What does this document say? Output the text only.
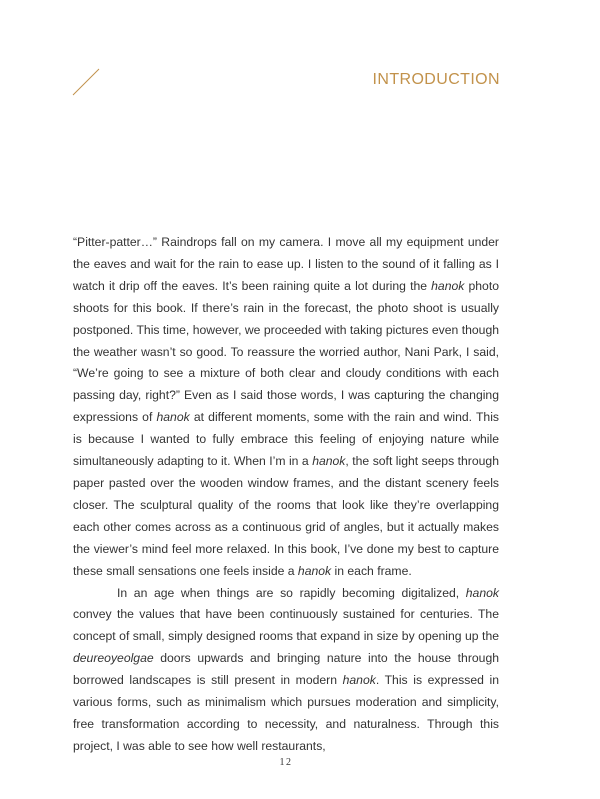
INTRODUCTION

“Pitter-patter…” Raindrops fall on my camera. I move all my equipment under the eaves and wait for the rain to ease up. I listen to the sound of it falling as I watch it drip off the eaves. It’s been raining quite a lot during the hanok photo shoots for this book. If there’s rain in the forecast, the photo shoot is usually postponed. This time, however, we proceeded with taking pictures even though the weather wasn’t so good. To reassure the worried author, Nani Park, I said, “We’re going to see a mixture of both clear and cloudy conditions with each passing day, right?” Even as I said those words, I was capturing the changing expressions of hanok at different moments, some with the rain and wind. This is because I wanted to fully embrace this feeling of enjoying nature while simultaneously adapting to it. When I’m in a hanok, the soft light seeps through paper pasted over the wooden window frames, and the distant scenery feels closer. The sculptural quality of the rooms that look like they’re overlapping each other comes across as a continuous grid of angles, but it actually makes the viewer’s mind feel more relaxed. In this book, I’ve done my best to capture these small sensations one feels inside a hanok in each frame.

In an age when things are so rapidly becoming digitalized, hanok convey the values that have been continuously sustained for centuries. The concept of small, simply designed rooms that expand in size by opening up the deureoyeolgae doors upwards and bringing nature into the house through borrowed landscapes is still present in modern hanok. This is expressed in various forms, such as minimalism which pursues moderation and simplicity, free transformation according to necessity, and naturalness. Through this project, I was able to see how well restaurants,

12
